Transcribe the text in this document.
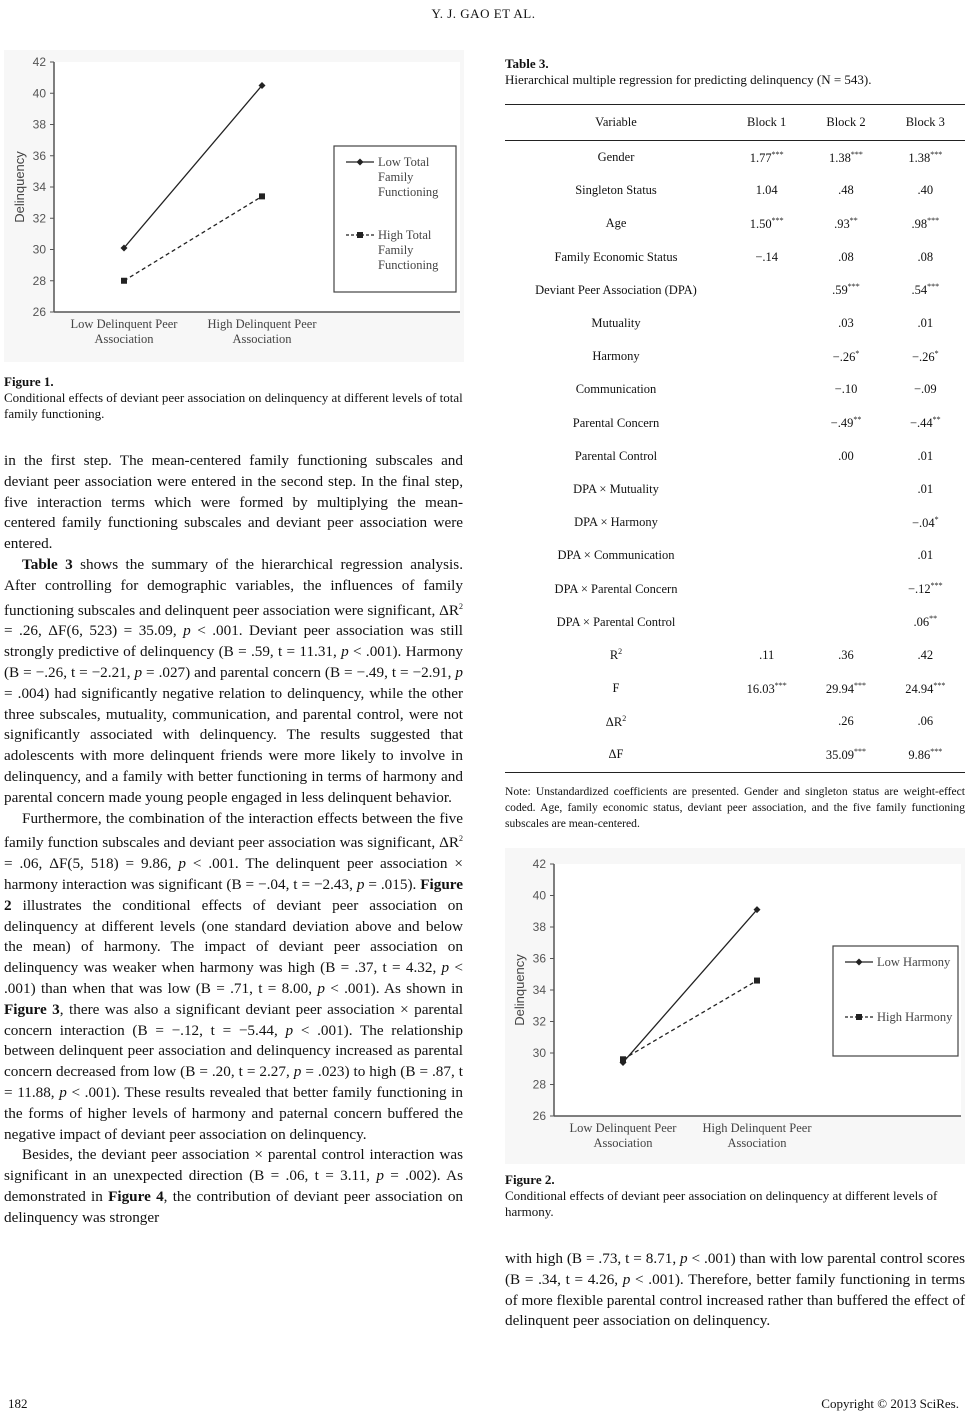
Y. J. GAO ET AL.
26
28
30
32
34
36
38
40
42
Delinquency
Low Delinquent Peer
Association
High Delinquent Peer
Association
Low Total Family Functioning
High Total Family Functioning
Figure 1.
Conditional effects of deviant peer association on delinquency at different levels of total family functioning.

in the first step. The mean-centered family functioning subscales and deviant peer association were entered in the second step. In the final step, five interaction terms which were formed by multiplying the mean-centered family functioning subscales and deviant peer association were entered.

Table 3 shows the summary of the hierarchical regression analysis. After controlling for demographic variables, the influences of family functioning subscales and delinquent peer association were significant, $\Delta R^2 = .26$, ΔF(6, 523) = 35.09, p < .001. Deviant peer association was still strongly predictive of delinquency (B = .59, t = 11.31, p < .001). Harmony (B = −.26, t = −2.21, p = .027) and parental concern (B = −.49, t = −2.91, p = .004) had significantly negative relation to delinquency, while the other three subscales, mutuality, communication, and parental control, were not significantly associated with delinquency. The results suggested that adolescents with more delinquent friends were more likely to involve in delinquency, and a family with better functioning in terms of harmony and parental concern made young people engaged in less delinquent behavior.

Furthermore, the combination of the interaction effects between the five family function subscales and deviant peer association was significant, $\Delta R^2 = .06$, ΔF(5, 518) = 9.86, p < .001. The delinquent peer association × harmony interaction was significant (B = −.04, t = −2.43, p = .015). Figure 2 illustrates the conditional effects of deviant peer association on delinquency at different levels (one standard deviation above and below the mean) of harmony. The impact of deviant peer association on delinquency was weaker when harmony was high (B = .37, t = 4.32, p < .001) than when that was low (B = .71, t = 8.00, p < .001). As shown in Figure 3, there was also a significant deviant peer association × parental concern interaction (B = −.12, t = −5.44, p < .001). The relationship between delinquent peer association and delinquency increased as parental concern decreased from low (B = .20, t = 2.27, p = .023) to high (B = .87, t = 11.88, p < .001). These results revealed that better family functioning in the forms of higher levels of harmony and paternal concern buffered the negative impact of deviant peer association on delinquency.

Besides, the deviant peer association × parental control interaction was significant in an unexpected direction (B = .06, t = 3.11, p = .002). As demonstrated in Figure 4, the contribution of deviant peer association on delinquency was stronger

Table 3.
Hierarchical multiple regression for predicting delinquency (N = 543).
Variable	Block 1	Block 2	Block 3
Gender	1.77***	1.38***	1.38***
Singleton Status	1.04	.48	.40
Age	1.50***	.93**	.98***
Family Economic Status	−.14	.08	.08
Deviant Peer Association (DPA)		.59***	.54***
Mutuality		.03	.01
Harmony		−.26*	−.26*
Communication		−.10	−.09
Parental Concern		−.49**	−.44**
Parental Control		.00	.01
DPA × Mutuality			.01
DPA × Harmony			−.04*
DPA × Communication			.01
DPA × Parental Concern			−.12***
DPA × Parental Control			.06**
$R^2$	.11	.36	.42
F	16.03***	29.94***	24.94***
$\Delta R^2$		.26	.06
ΔF		35.09***	9.86***
Note: Unstandardized coefficients are presented. Gender and singleton status are weight-effect coded. Age, family economic status, deviant peer association, and the five family functioning subscales are mean-centered.
26
28
30
32
34
36
38
40
42
Delinquency
Low Delinquent Peer
Association
High Delinquent Peer
Association
Low Harmony
High Harmony
Figure 2.
Conditional effects of deviant peer association on delinquency at different levels of harmony.

with high (B = .73, t = 8.71, p < .001) than with low parental control scores (B = .34, t = 4.26, p < .001). Therefore, better family functioning in terms of more flexible parental control increased rather than buffered the effect of delinquent peer association on delinquency.

182	Copyright © 2013 SciRes.
